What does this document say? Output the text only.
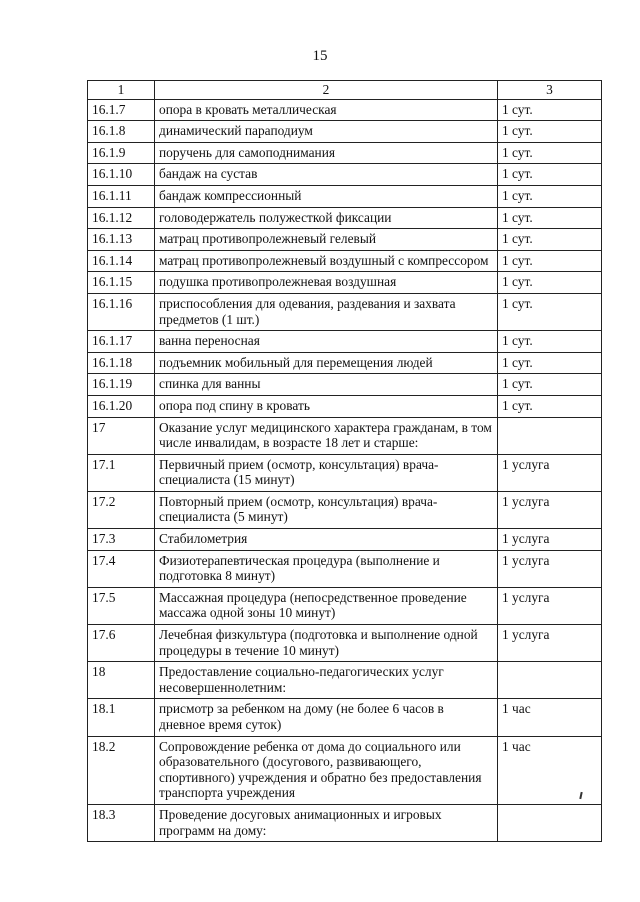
15
1	2	3
16.1.7	опора в кровать металлическая	1 сут.
16.1.8	динамический параподиум	1 сут.
16.1.9	поручень для самоподнимания	1 сут.
16.1.10	бандаж на сустав	1 сут.
16.1.11	бандаж компрессионный	1 сут.
16.1.12	головодержатель полужесткой фиксации	1 сут.
16.1.13	матрац противопролежневый гелевый	1 сут.
16.1.14	матрац противопролежневый воздушный с компрессором	1 сут.
16.1.15	подушка противопролежневая воздушная	1 сут.
16.1.16	приспособления для одевания, раздевания и захвата предметов (1 шт.)	1 сут.
16.1.17	ванна переносная	1 сут.
16.1.18	подъемник мобильный для перемещения людей	1 сут.
16.1.19	спинка для ванны	1 сут.
16.1.20	опора под спину в кровать	1 сут.
17	Оказание услуг медицинского характера гражданам, в том числе инвалидам, в возрасте 18 лет и старше:	
17.1	Первичный прием (осмотр, консультация) врача-специалиста (15 минут)	1 услуга
17.2	Повторный прием (осмотр, консультация) врача-специалиста (5 минут)	1 услуга
17.3	Стабилометрия	1 услуга
17.4	Физиотерапевтическая процедура (выполнение и подготовка 8 минут)	1 услуга
17.5	Массажная процедура (непосредственное проведение массажа одной зоны 10 минут)	1 услуга
17.6	Лечебная физкультура (подготовка и выполнение одной процедуры в течение 10 минут)	1 услуга
18	Предоставление социально-педагогических услуг несовершеннолетним:	
18.1	присмотр за ребенком на дому (не более 6 часов в дневное время суток)	1 час
18.2	Сопровождение ребенка от дома до социального или образовательного (досугового, развивающего, спортивного) учреждения и обратно без предоставления транспорта учреждения	1 час
18.3	Проведение досуговых анимационных и игровых программ на дому:	
